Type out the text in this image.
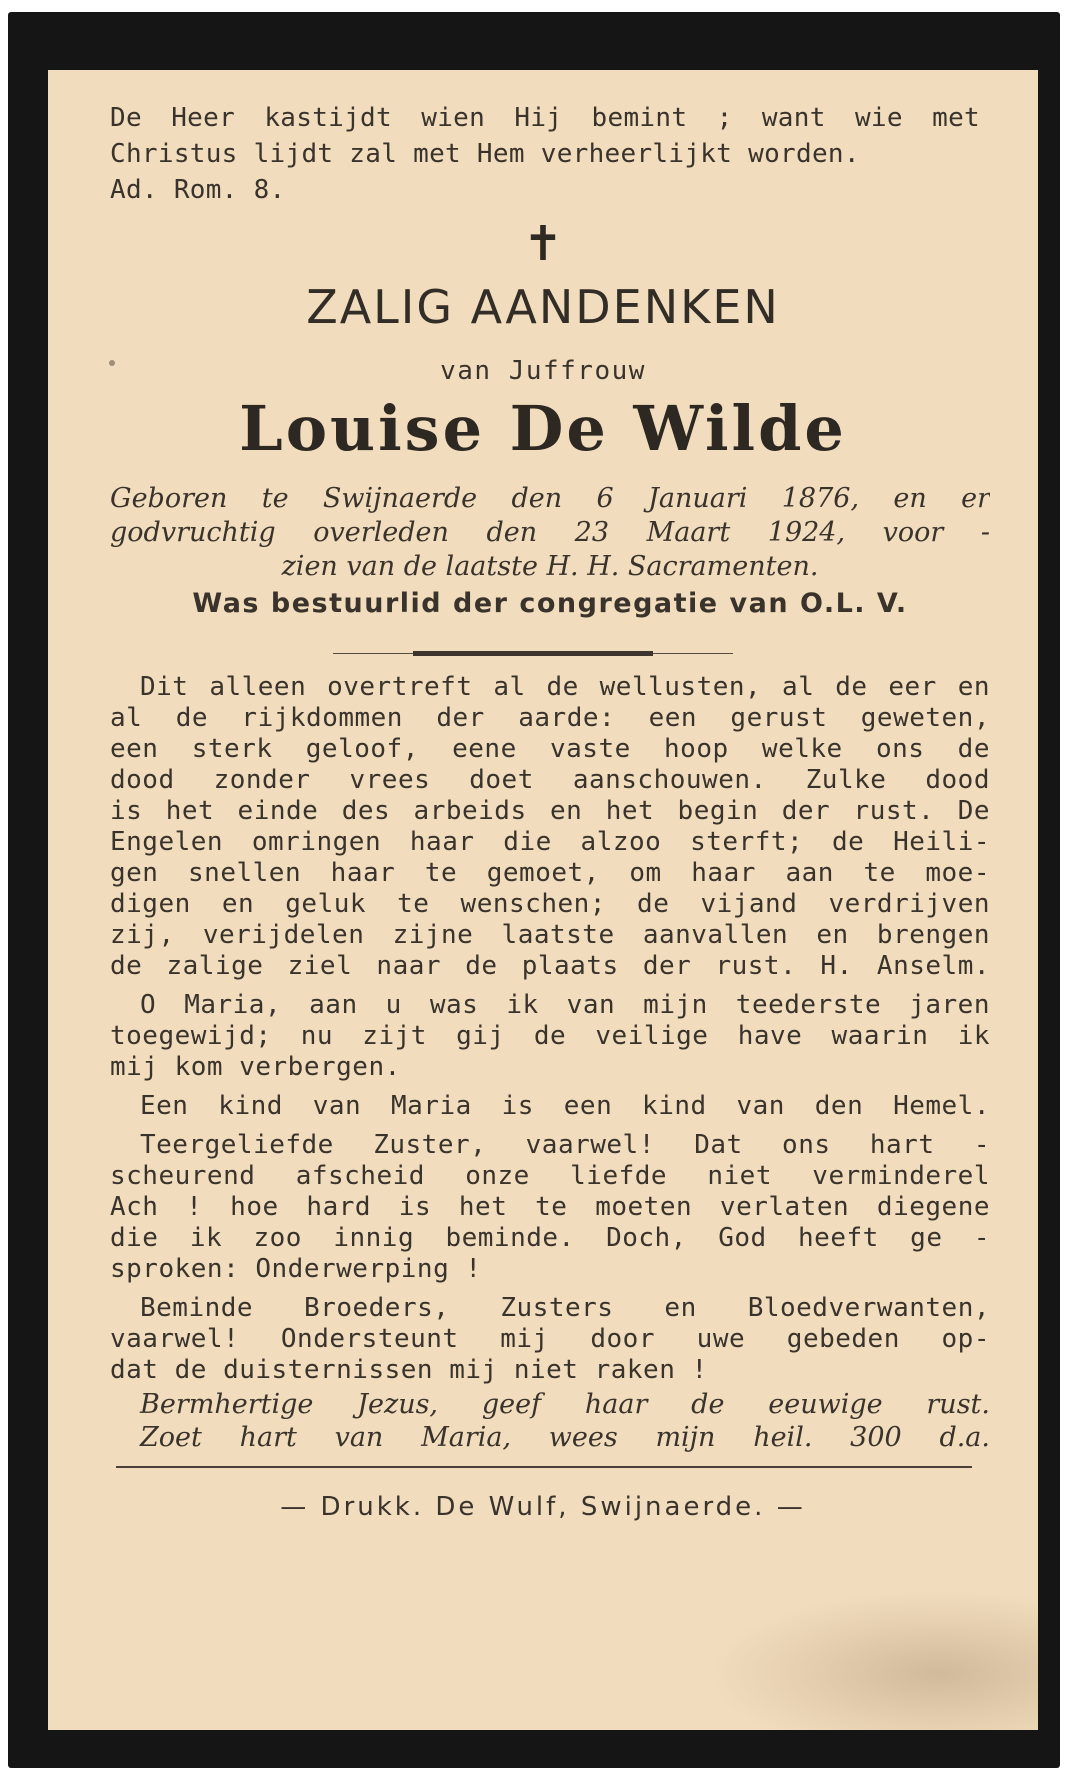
De Heer kastijdt wien Hij bemint ; want wie met
Christus lijdt zal met Hem verheerlijkt worden.
Ad. Rom. 8.
✝
ZALIG AANDENKEN
van Juffrouw
Louise De Wilde
Geboren te Swijnaerde den 6 Januari 1876, en er
godvruchtig overleden den 23 Maart 1924, voor -
zien van de laatste H. H. Sacramenten.
Was bestuurlid der congregatie van O.L. V.
Dit alleen overtreft al de wellusten, al de eer en
al de rijkdommen der aarde: een gerust geweten,
een sterk geloof, eene vaste hoop welke ons de
dood zonder vrees doet aanschouwen. Zulke dood
is het einde des arbeids en het begin der rust. De
Engelen omringen haar die alzoo sterft; de Heili-
gen snellen haar te gemoet, om haar aan te moe-
digen en geluk te wenschen; de vijand verdrijven
zij, verijdelen zijne laatste aanvallen en brengen
de zalige ziel naar de plaats der rust. H. Anselm.
O Maria, aan u was ik van mijn teederste jaren
toegewijd; nu zijt gij de veilige have waarin ik
mij kom verbergen.
Een kind van Maria is een kind van den Hemel.
Teergeliefde Zuster, vaarwel! Dat ons hart -
scheurend afscheid onze liefde niet verminderel
Ach ! hoe hard is het te moeten verlaten diegene
die ik zoo innig beminde. Doch, God heeft ge -
sproken: Onderwerping !
Beminde Broeders, Zusters en Bloedverwanten,
vaarwel! Ondersteunt mij door uwe gebeden op-
dat de duisternissen mij niet raken !
Bermhertige Jezus, geef haar de eeuwige rust.
Zoet hart van Maria, wees mijn heil. 300 d.a.
— Drukk. De Wulf, Swijnaerde. —
